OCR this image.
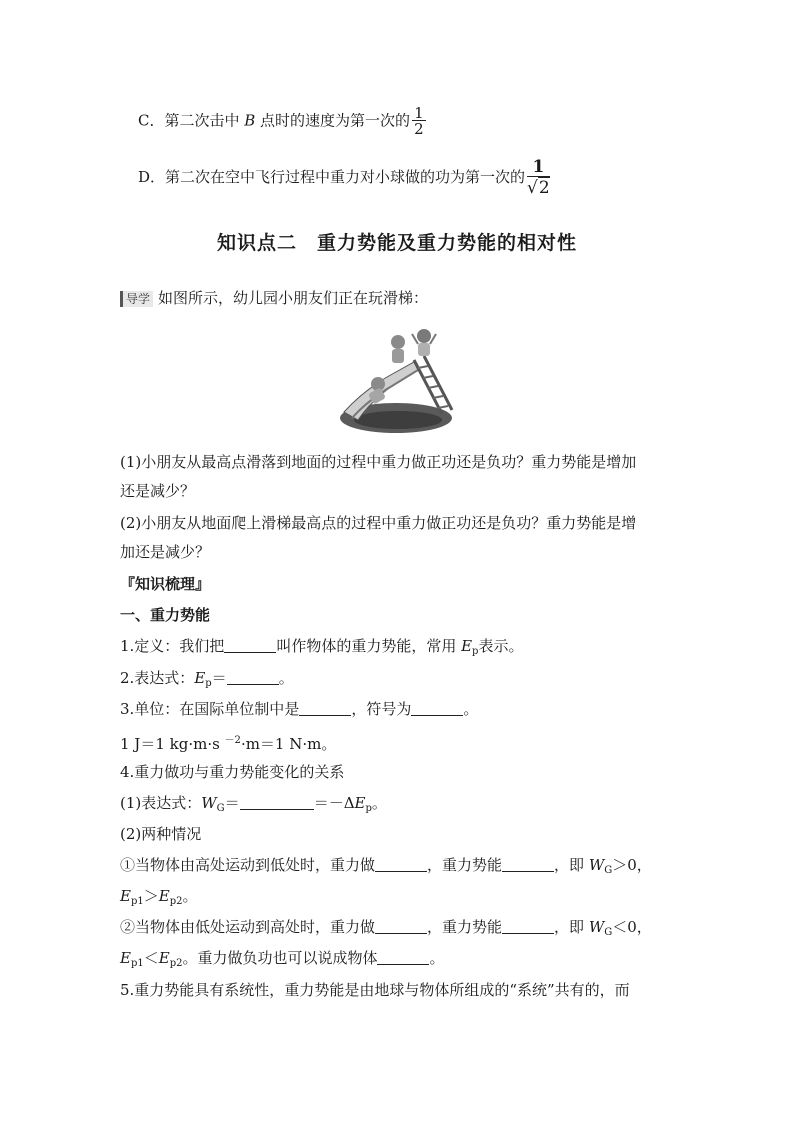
C．第二次击中 B 点时的速度为第一次的 $\frac{1}{2}$
D．第二次在空中飞行过程中重力对小球做的功为第一次的 $\frac{1}{√2}$
知识点二　重力势能及重力势能的相对性
导学 如图所示，幼儿园小朋友们正在玩滑梯：
(1)小朋友从最高点滑落到地面的过程中重力做正功还是负功？重力势能是增加
还是减少？
(2)小朋友从地面爬上滑梯最高点的过程中重力做正功还是负功？重力势能是增
加还是减少？
『知识梳理』
一、重力势能
1.定义：我们把	叫作物体的重力势能，常用 $E_p$表示。
2.表达式：$E_p=$	。
3.单位：在国际单位制中是	，符号为	。
1 J＝1 kg·m·s $^{-2}$·m＝1 N·m。
4.重力做功与重力势能变化的关系
(1)表达式：$W_G=$	$=-\Delta E_p$。
(2)两种情况
①当物体由高处运动到低处时，重力做	，重力势能	，即 $W_G>0$，
$E_{p1}>E_{p2}$。
②当物体由低处运动到高处时，重力做	，重力势能	，即 $W_G<0$，
$E_{p1}<E_{p2}$。重力做负功也可以说成物体	。
5.重力势能具有系统性，重力势能是由地球与物体所组成的“系统”共有的，而
